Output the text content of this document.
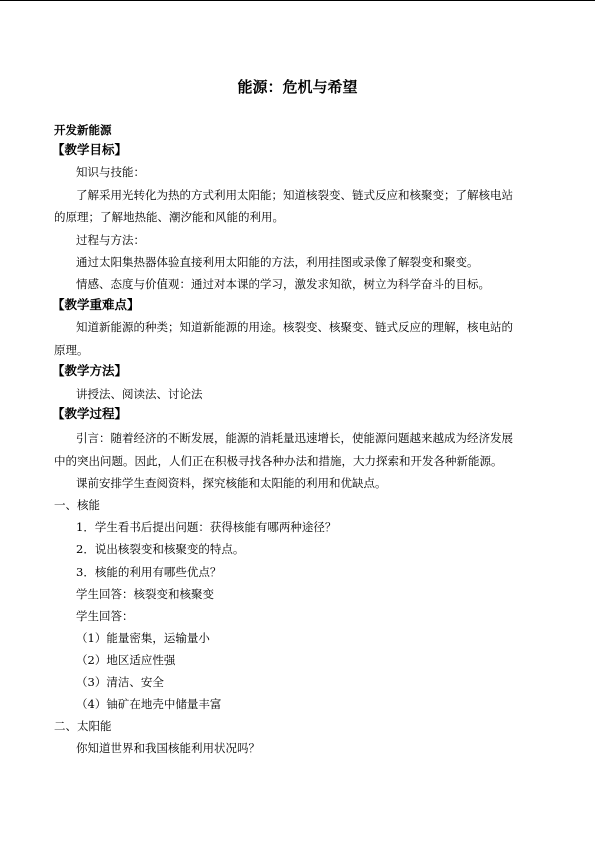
能源：危机与希望
开发新能源
【教学目标】
知识与技能：
了解采用光转化为热的方式利用太阳能；知道核裂变、链式反应和核聚变；了解核电站
的原理；了解地热能、潮汐能和风能的利用。
过程与方法：
通过太阳集热器体验直接利用太阳能的方法，利用挂图或录像了解裂变和聚变。
情感、态度与价值观：通过对本课的学习，激发求知欲，树立为科学奋斗的目标。
【教学重难点】
知道新能源的种类；知道新能源的用途。核裂变、核聚变、链式反应的理解，核电站的
原理。
【教学方法】
讲授法、阅读法、讨论法
【教学过程】
引言：随着经济的不断发展，能源的消耗量迅速增长，使能源问题越来越成为经济发展
中的突出问题。因此，人们正在积极寻找各种办法和措施，大力探索和开发各种新能源。
课前安排学生查阅资料，探究核能和太阳能的利用和优缺点。
一、核能
1．学生看书后提出问题：获得核能有哪两种途径？
2．说出核裂变和核聚变的特点。
3．核能的利用有哪些优点？
学生回答：核裂变和核聚变
学生回答：
（1）能量密集，运输量小
（2）地区适应性强
（3）清洁、安全
（4）铀矿在地壳中储量丰富
二、太阳能
你知道世界和我国核能利用状况吗？
